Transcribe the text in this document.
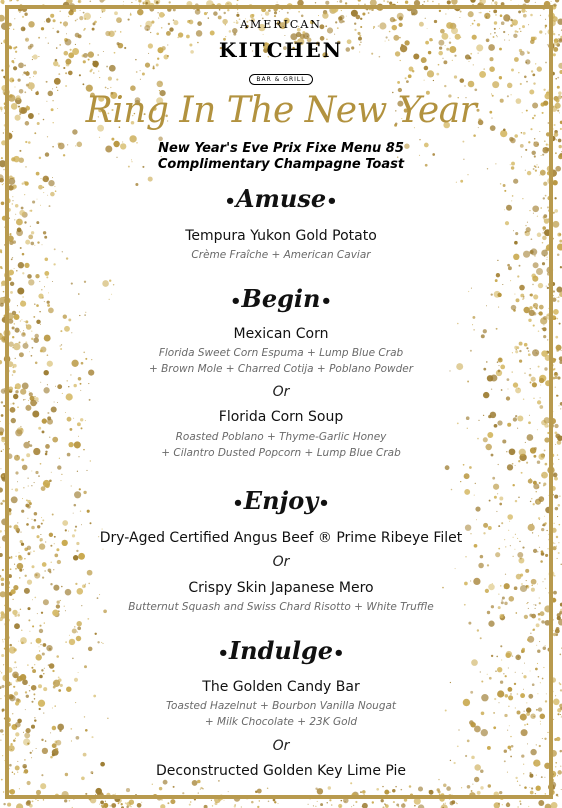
AMERICAN
KITCHEN
BAR & GRILL
Ring In The New Year
New Year's Eve Prix Fixe Menu 85
Complimentary Champagne Toast
•Amuse•
Tempura Yukon Gold Potato
Crème Fraîche + American Caviar
•Begin•
Mexican Corn
Florida Sweet Corn Espuma + Lump Blue Crab
+ Brown Mole + Charred Cotija + Poblano Powder
Or
Florida Corn Soup
Roasted Poblano + Thyme-Garlic Honey
+ Cilantro Dusted Popcorn + Lump Blue Crab
•Enjoy•
Dry-Aged Certified Angus Beef ® Prime Ribeye Filet
Or
Crispy Skin Japanese Mero
Butternut Squash and Swiss Chard Risotto + White Truffle
•Indulge•
The Golden Candy Bar
Toasted Hazelnut + Bourbon Vanilla Nougat
+ Milk Chocolate + 23K Gold
Or
Deconstructed Golden Key Lime Pie
